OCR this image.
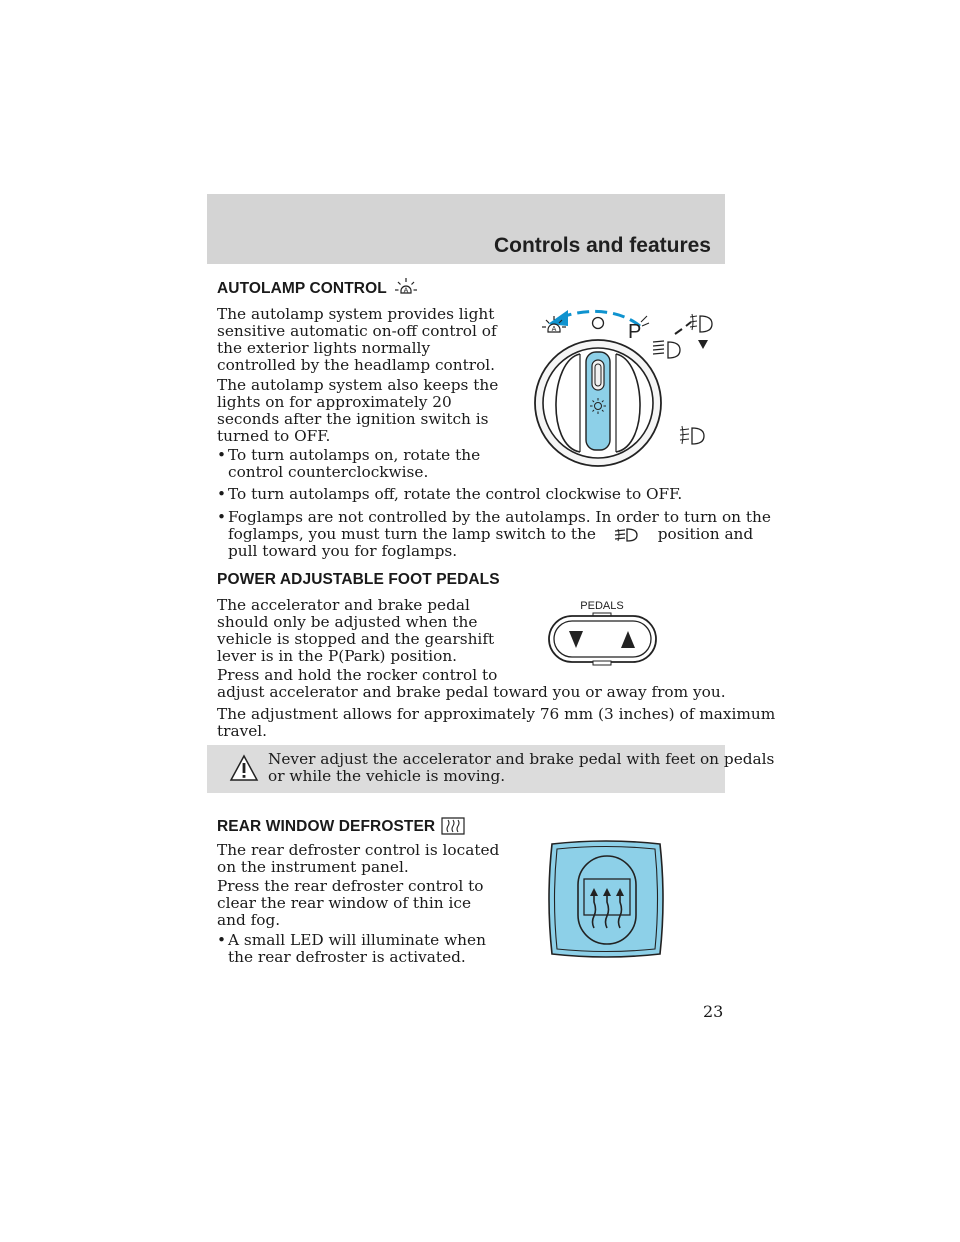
Controls and features
AUTOLAMP CONTROL A
The autolamp system provides light
sensitive automatic on-off control of
the exterior lights normally
controlled by the headlamp control.
The autolamp system also keeps the
lights on for approximately 20
seconds after the ignition switch is
turned to OFF.
• To turn autolamps on, rotate the
control counterclockwise.
• To turn autolamps off, rotate the control clockwise to OFF.
• Foglamps are not controlled by the autolamps. In order to turn on the
foglamps, you must turn the lamp switch to the	position and
pull toward you for foglamps.
A	P
POWER ADJUSTABLE FOOT PEDALS
The accelerator and brake pedal
should only be adjusted when the
vehicle is stopped and the gearshift
lever is in the P(Park) position.
Press and hold the rocker control to
adjust accelerator and brake pedal toward you or away from you.
The adjustment allows for approximately 76 mm (3 inches) of maximum
travel.
PEDALS
Never adjust the accelerator and brake pedal with feet on pedals
or while the vehicle is moving.
REAR WINDOW DEFROSTER
The rear defroster control is located
on the instrument panel.
Press the rear defroster control to
clear the rear window of thin ice
and fog.
• A small LED will illuminate when
the rear defroster is activated.
23
